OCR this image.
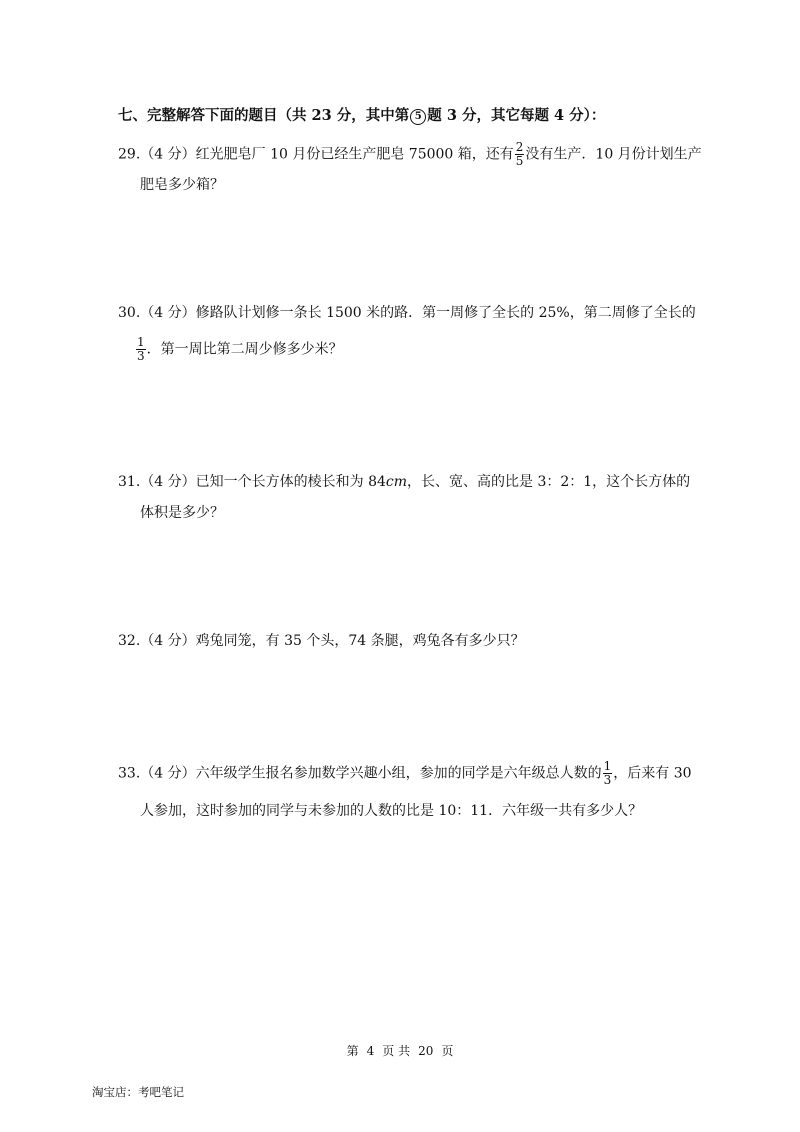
七、完整解答下面的题目（共 23 分，其中第 5 题 3 分，其它每题 4 分）：
29.（4 分）红光肥皂厂 10 月份已经生产肥皂 75000 箱，还有 $\frac{2}{5}$ 没有生产．10 月份计划生产
肥皂多少箱？
30.（4 分）修路队计划修一条长 1500 米的路．第一周修了全长的 25%，第二周修了全长的
$\frac{1}{3}$ ．第一周比第二周少修多少米？
31.（4 分）已知一个长方体的棱长和为 84cm，长、宽、高的比是 3：2：1，这个长方体的
体积是多少？
32.（4 分）鸡兔同笼，有 35 个头，74 条腿，鸡兔各有多少只？
33.（4 分）六年级学生报名参加数学兴趣小组，参加的同学是六年级总人数的 $\frac{1}{3}$ ，后来有 30
人参加，这时参加的同学与未参加的人数的比是 10：11．六年级一共有多少人？
第 4 页 共 20 页
淘宝店：考吧笔记
